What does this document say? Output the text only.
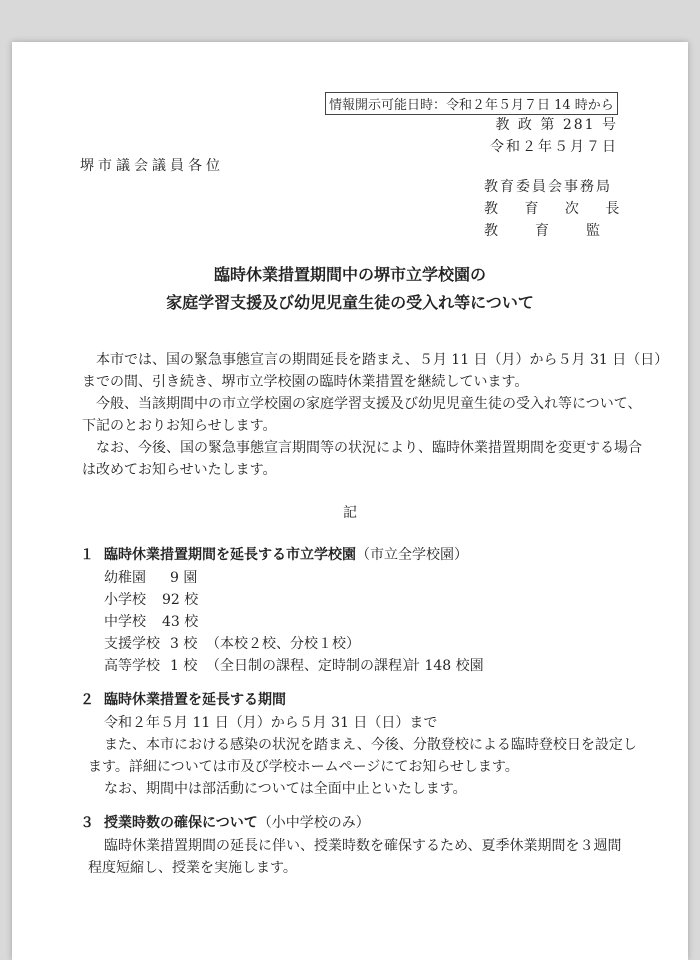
情報開示可能日時：令和２年５月７日 14 時から
教 政 第 281 号
令和２年５月７日
堺市議会議員各位
教育委員会事務局
教 育 次 長
教　　育　　監
臨時休業措置期間中の堺市立学校園の
家庭学習支援及び幼児児童生徒の受入れ等について
本市では、国の緊急事態宣言の期間延長を踏まえ、５月 11 日（月）から５月 31 日（日）
までの間、引き続き、堺市立学校園の臨時休業措置を継続しています。
今般、当該期間中の市立学校園の家庭学習支援及び幼児児童生徒の受入れ等について、
下記のとおりお知らせします。
なお、今後、国の緊急事態宣言期間等の状況により、臨時休業措置期間を変更する場合
は改めてお知らせいたします。
記
１ 臨時休業措置期間を延長する市立学校園（市立全学校園）
幼稚園 9 園
小学校 92 校
中学校 43 校
支援学校 3 校 （本校２校、分校１校）
高等学校 1 校 （全日制の課程、定時制の課程）
計 148 校園
２ 臨時休業措置を延長する期間
令和２年５月 11 日（月）から５月 31 日（日）まで
また、本市における感染の状況を踏まえ、今後、分散登校による臨時登校日を設定し
ます。詳細については市及び学校ホームページにてお知らせします。
なお、期間中は部活動については全面中止といたします。
３ 授業時数の確保について（小中学校のみ）
臨時休業措置期間の延長に伴い、授業時数を確保するため、夏季休業期間を３週間
程度短縮し、授業を実施します。
